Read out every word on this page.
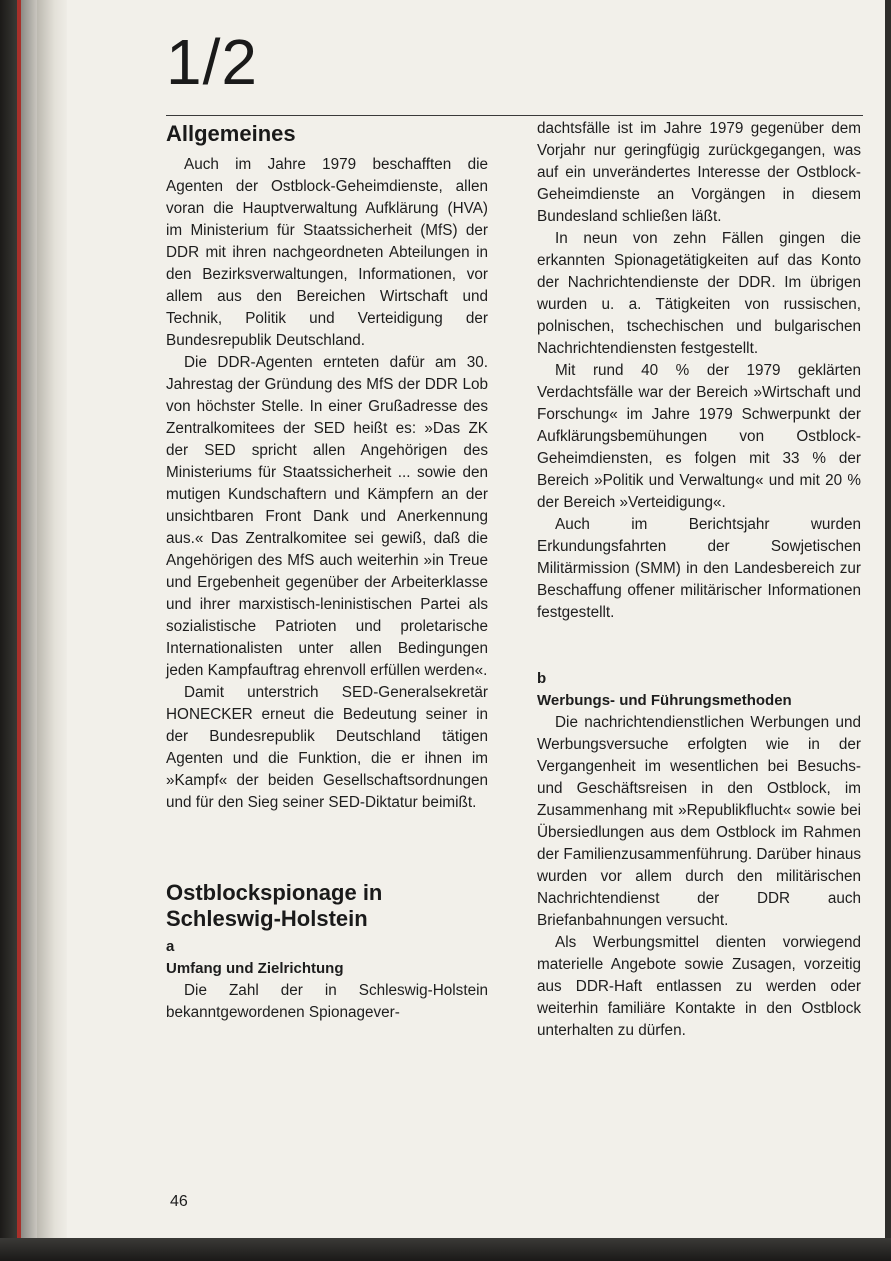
1/2
Allgemeines

Auch im Jahre 1979 beschafften die Agenten der Ostblock-Geheimdienste, allen voran die Hauptverwaltung Aufklärung (HVA) im Ministerium für Staatssicherheit (MfS) der DDR mit ihren nachgeordneten Abteilungen in den Bezirksverwaltungen, Informationen, vor allem aus den Bereichen Wirtschaft und Technik, Politik und Verteidigung der Bundesrepublik Deutschland.

Die DDR-Agenten ernteten dafür am 30. Jahrestag der Gründung des MfS der DDR Lob von höchster Stelle. In einer Grußadresse des Zentralkomitees der SED heißt es: »Das ZK der SED spricht allen Angehörigen des Ministeriums für Staatssicherheit ... sowie den mutigen Kundschaftern und Kämpfern an der unsichtbaren Front Dank und Anerkennung aus.« Das Zentralkomitee sei gewiß, daß die Angehörigen des MfS auch weiterhin »in Treue und Ergebenheit gegenüber der Arbeiterklasse und ihrer marxistisch-leninistischen Partei als sozialistische Patrioten und proletarische Internationalisten unter allen Bedingungen jeden Kampfauftrag ehrenvoll erfüllen werden«.

Damit unterstrich SED-Generalsekretär HONECKER erneut die Bedeutung seiner in der Bundesrepublik Deutschland tätigen Agenten und die Funktion, die er ihnen im »Kampf« der beiden Gesellschaftsordnungen und für den Sieg seiner SED-Diktatur beimißt.

Ostblockspionage in Schleswig-Holstein
a
Umfang und Zielrichtung

Die Zahl der in Schleswig-Holstein bekanntgewordenen Spionagever-

dachtsfälle ist im Jahre 1979 gegenüber dem Vorjahr nur geringfügig zurückgegangen, was auf ein unverändertes Interesse der Ostblock-Geheimdienste an Vorgängen in diesem Bundesland schließen läßt.

In neun von zehn Fällen gingen die erkannten Spionagetätigkeiten auf das Konto der Nachrichtendienste der DDR. Im übrigen wurden u. a. Tätigkeiten von russischen, polnischen, tschechischen und bulgarischen Nachrichtendiensten festgestellt.

Mit rund 40 % der 1979 geklärten Verdachtsfälle war der Bereich »Wirtschaft und Forschung« im Jahre 1979 Schwerpunkt der Aufklärungsbemühungen von Ostblock-Geheimdiensten, es folgen mit 33 % der Bereich »Politik und Verwaltung« und mit 20 % der Bereich »Verteidigung«.

Auch im Berichtsjahr wurden Erkundungsfahrten der Sowjetischen Militärmission (SMM) in den Landesbereich zur Beschaffung offener militärischer Informationen festgestellt.

b
Werbungs- und Führungsmethoden

Die nachrichtendienstlichen Werbungen und Werbungsversuche erfolgten wie in der Vergangenheit im wesentlichen bei Besuchs- und Geschäftsreisen in den Ostblock, im Zusammenhang mit »Republikflucht« sowie bei Übersiedlungen aus dem Ostblock im Rahmen der Familienzusammenführung. Darüber hinaus wurden vor allem durch den militärischen Nachrichtendienst der DDR auch Briefanbahnungen versucht.

Als Werbungsmittel dienten vorwiegend materielle Angebote sowie Zusagen, vorzeitig aus DDR-Haft entlassen zu werden oder weiterhin familiäre Kontakte in den Ostblock unterhalten zu dürfen.

46
